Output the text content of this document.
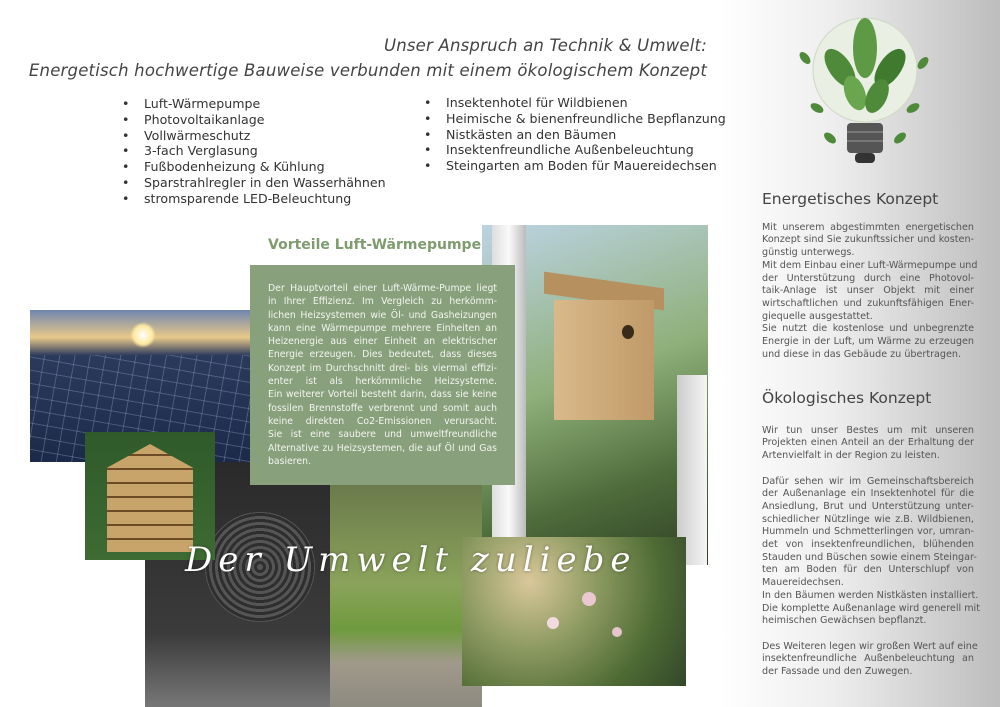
Unser Anspruch an Technik & Umwelt:
Energetisch hochwertige Bauweise verbunden mit einem ökologischem Konzept
• Luft-Wärmepumpe
• Photovoltaikanlage
• Vollwärmeschutz
• 3-fach Verglasung
• Fußbodenheizung & Kühlung
• Sparstrahlregler in den Wasserhähnen
• stromsparende LED-Beleuchtung
• Insektenhotel für Wildbienen
• Heimische & bienenfreundliche Bepflanzung
• Nistkästen an den Bäumen
• Insektenfreundliche Außenbeleuchtung
• Steingarten am Boden für Mauereidechsen
Vorteile Luft-Wärmepumpe
Der Hauptvorteil einer Luft-Wärme-Pumpe liegt
in Ihrer Effizienz. Im Vergleich zu herkömm-
lichen Heizsystemen wie Öl- und Gasheizungen
kann eine Wärmepumpe mehrere Einheiten an
Heizenergie aus einer Einheit an elektrischer
Energie erzeugen. Dies bedeutet, dass dieses
Konzept im Durchschnitt drei- bis viermal effizi-
enter ist als herkömmliche Heizsysteme.
Ein weiterer Vorteil besteht darin, dass sie keine
fossilen Brennstoffe verbrennt und somit auch
keine direkten Co2-Emissionen verursacht.
Sie ist eine saubere und umweltfreundliche
Alternative zu Heizsystemen, die auf Öl und Gas
basieren.
Der Umwelt zuliebe
Energetisches Konzept
Mit unserem abgestimmten energetischen
Konzept sind Sie zukunftssicher und kosten-
günstig unterwegs.
Mit dem Einbau einer Luft-Wärmepumpe und
der Unterstützung durch eine Photovol-
taik-Anlage ist unser Objekt mit einer
wirtschaftlichen und zukunftsfähigen Ener-
giequelle ausgestattet.
Sie nutzt die kostenlose und unbegrenzte
Energie in der Luft, um Wärme zu erzeugen
und diese in das Gebäude zu übertragen.
Ökologisches Konzept
Wir tun unser Bestes um mit unseren
Projekten einen Anteil an der Erhaltung der
Artenvielfalt in der Region zu leisten.
Dafür sehen wir im Gemeinschaftsbereich
der Außenanlage ein Insektenhotel für die
Ansiedlung, Brut und Unterstützung unter-
schiedlicher Nützlinge wie z.B. Wildbienen,
Hummeln und Schmetterlingen vor, umran-
det von insektenfreundlichen, blühenden
Stauden und Büschen sowie einem Steingar-
ten am Boden für den Unterschlupf von
Mauereidechsen.
In den Bäumen werden Nistkästen installiert.
Die komplette Außenanlage wird generell mit
heimischen Gewächsen bepflanzt.
Des Weiteren legen wir großen Wert auf eine
insektenfreundliche Außenbeleuchtung an
der Fassade und den Zuwegen.
